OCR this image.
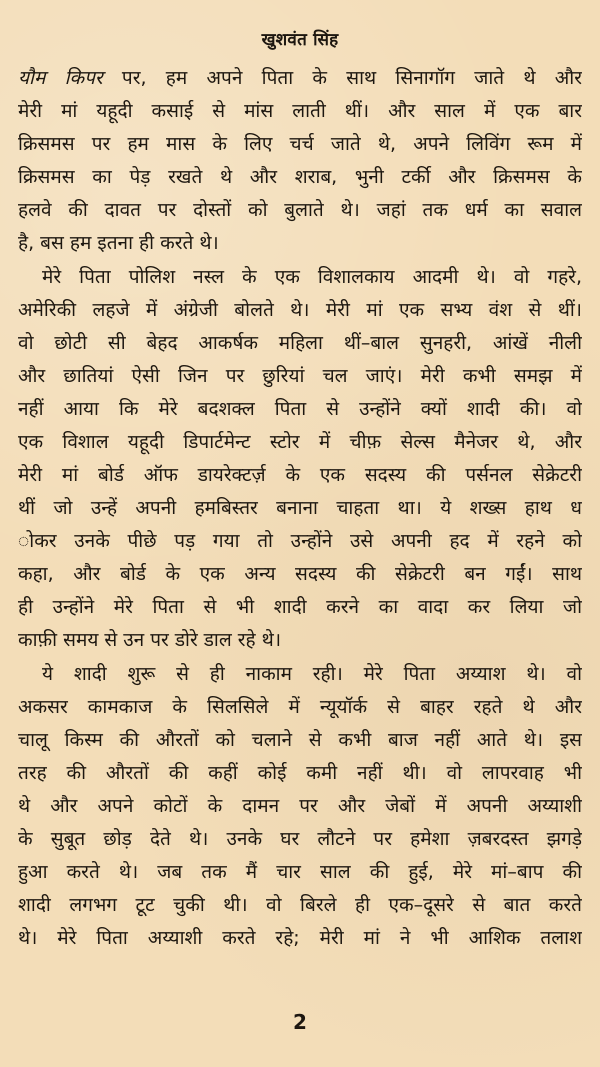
खुशवंत सिंह
यौम किपर पर, हम अपने पिता के साथ सिनागॉग जाते थे और
मेरी मां यहूदी कसाई से मांस लाती थीं। और साल में एक बार
क्रिसमस पर हम मास के लिए चर्च जाते थे, अपने लिविंग रूम में
क्रिसमस का पेड़ रखते थे और शराब, भुनी टर्की और क्रिसमस के
हलवे की दावत पर दोस्तों को बुलाते थे। जहां तक धर्म का सवाल
है, बस हम इतना ही करते थे।
मेरे पिता पोलिश नस्ल के एक विशालकाय आदमी थे। वो गहरे,
अमेरिकी लहजे में अंग्रेजी बोलते थे। मेरी मां एक सभ्य वंश से थीं।
वो छोटी सी बेहद आकर्षक महिला थीं–बाल सुनहरी, आंखें नीली
और छातियां ऐसी जिन पर छुरियां चल जाएं। मेरी कभी समझ में
नहीं आया कि मेरे बदशक्ल पिता से उन्होंने क्यों शादी की। वो
एक विशाल यहूदी डिपार्टमेन्ट स्टोर में चीफ़ सेल्स मैनेजर थे, और
मेरी मां बोर्ड ऑफ डायरेक्टर्ज़ के एक सदस्य की पर्सनल सेक्रेटरी
थीं जो उन्हें अपनी हमबिस्तर बनाना चाहता था। ये शख्स हाथ ध
ोकर उनके पीछे पड़ गया तो उन्होंने उसे अपनी हद में रहने को
कहा, और बोर्ड के एक अन्य सदस्य की सेक्रेटरी बन गईं। साथ
ही उन्होंने मेरे पिता से भी शादी करने का वादा कर लिया जो
काफ़ी समय से उन पर डोरे डाल रहे थे।
ये शादी शुरू से ही नाकाम रही। मेरे पिता अय्याश थे। वो
अकसर कामकाज के सिलसिले में न्यूयॉर्क से बाहर रहते थे और
चालू किस्म की औरतों को चलाने से कभी बाज नहीं आते थे। इस
तरह की औरतों की कहीं कोई कमी नहीं थी। वो लापरवाह भी
थे और अपने कोटों के दामन पर और जेबों में अपनी अय्याशी
के सुबूत छोड़ देते थे। उनके घर लौटने पर हमेशा ज़बरदस्त झगड़े
हुआ करते थे। जब तक मैं चार साल की हुई, मेरे मां–बाप की
शादी लगभग टूट चुकी थी। वो बिरले ही एक–दूसरे से बात करते
थे। मेरे पिता अय्याशी करते रहे; मेरी मां ने भी आशिक तलाश
2
